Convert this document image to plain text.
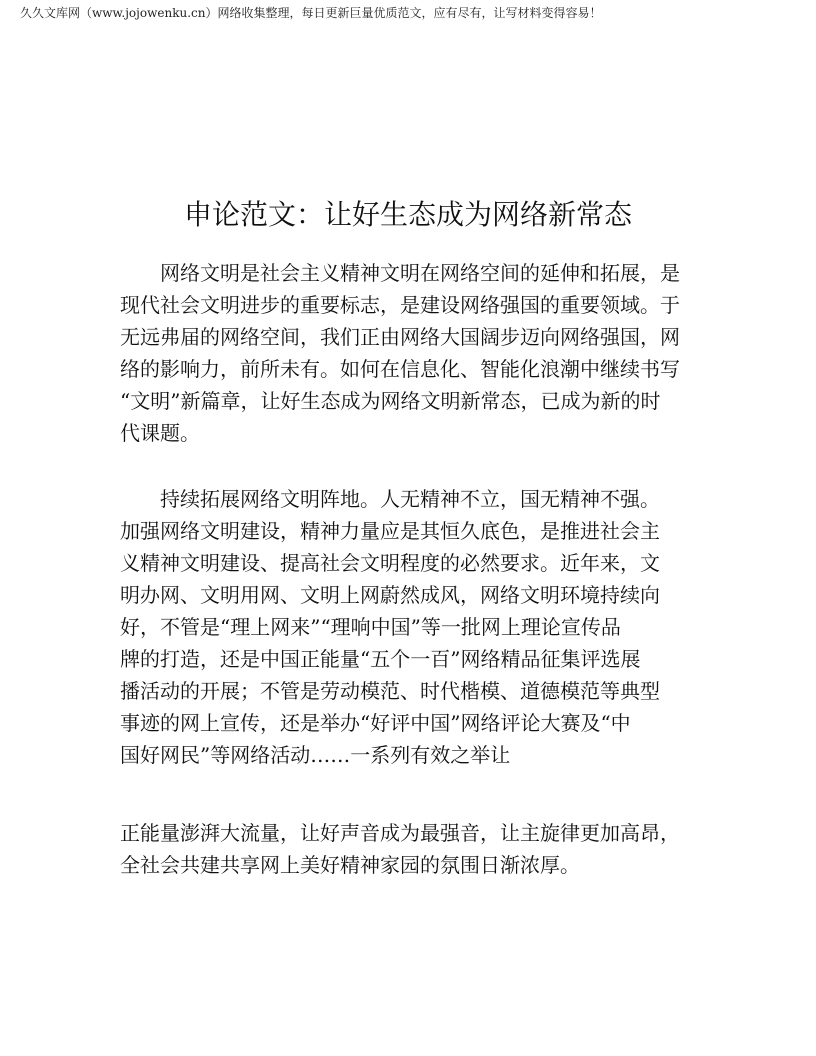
久久文库网（www.jojowenku.cn）网络收集整理，每日更新巨量优质范文，应有尽有，让写材料变得容易！
申论范文：让好生态成为网络新常态
　　网络文明是社会主义精神文明在网络空间的延伸和拓展，是
现代社会文明进步的重要标志，是建设网络强国的重要领域。于
无远弗届的网络空间，我们正由网络大国阔步迈向网络强国，网
络的影响力，前所未有。如何在信息化、智能化浪潮中继续书写
“文明”新篇章，让好生态成为网络文明新常态，已成为新的时
代课题。
　　持续拓展网络文明阵地。人无精神不立，国无精神不强。
加强网络文明建设，精神力量应是其恒久底色，是推进社会主
义精神文明建设、提高社会文明程度的必然要求。近年来，文
明办网、文明用网、文明上网蔚然成风，网络文明环境持续向
好，不管是“理上网来”“理响中国”等一批网上理论宣传品
牌的打造，还是中国正能量“五个一百”网络精品征集评选展
播活动的开展；不管是劳动模范、时代楷模、道德模范等典型
事迹的网上宣传，还是举办“好评中国”网络评论大赛及“中
国好网民”等网络活动……一系列有效之举让
正能量澎湃大流量，让好声音成为最强音，让主旋律更加高昂，
全社会共建共享网上美好精神家园的氛围日渐浓厚。
